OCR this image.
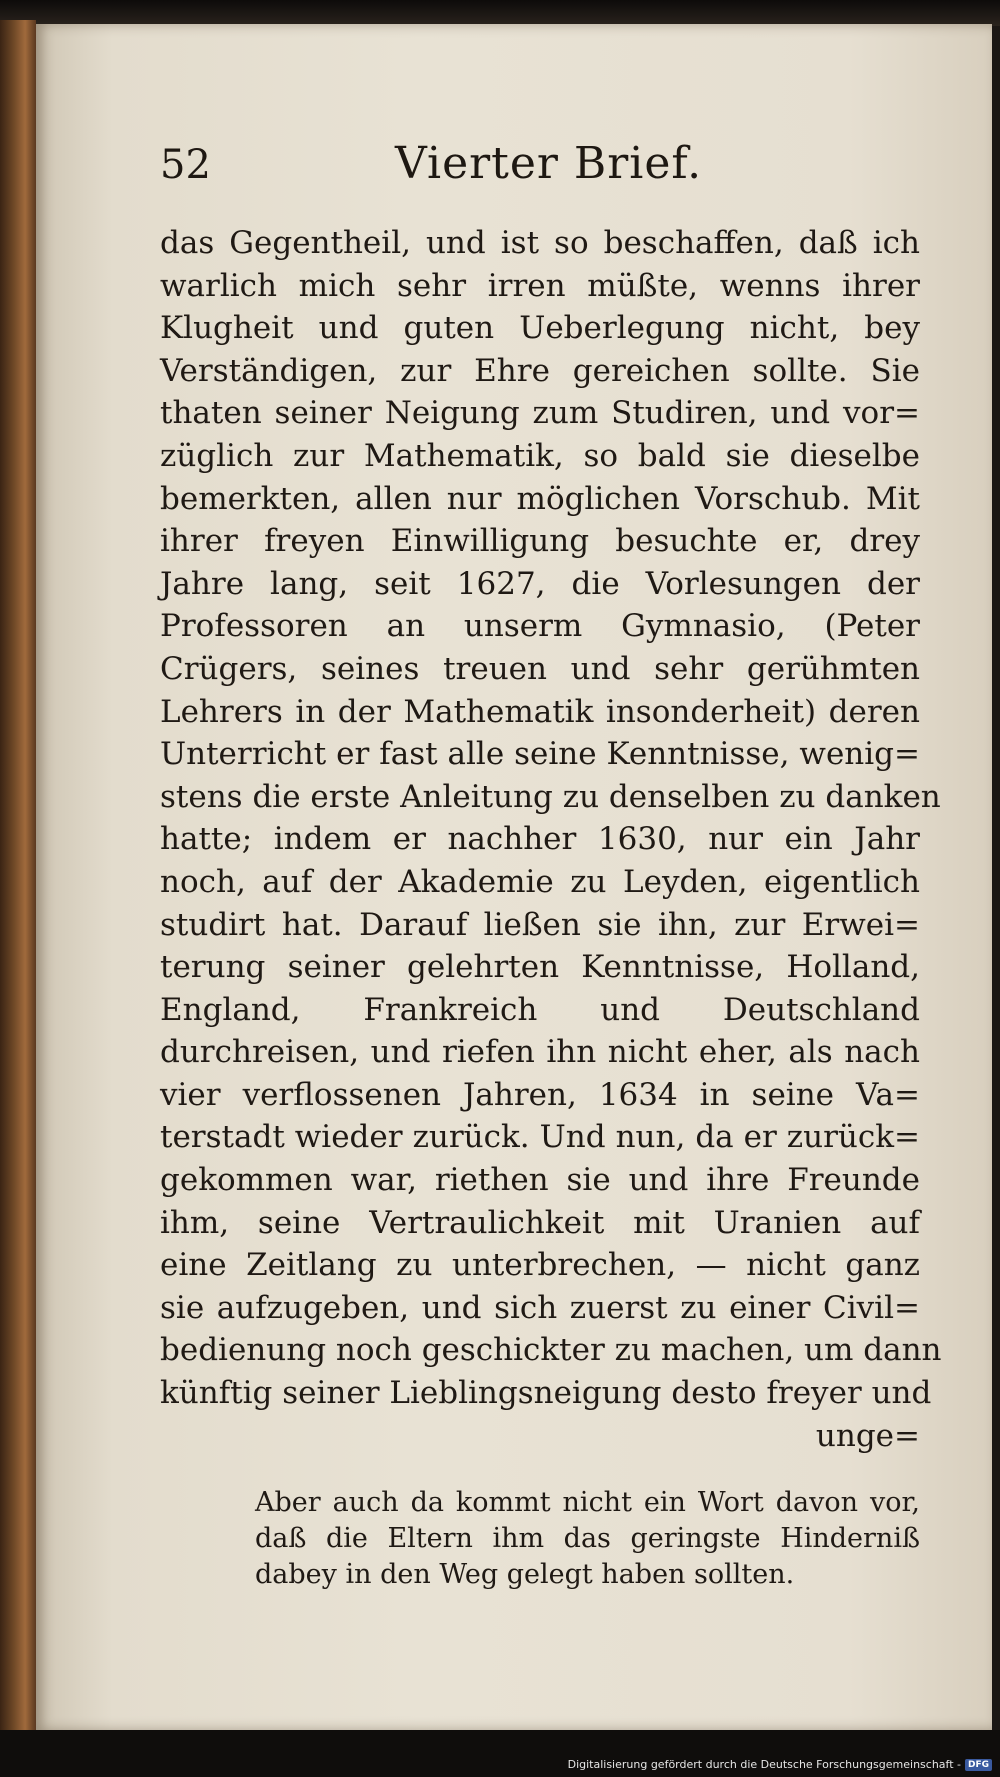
52	Vierter Brief.
das Gegentheil, und ist so beschaffen, daß ich
warlich mich sehr irren müßte, wenns ihrer
Klugheit und guten Ueberlegung nicht, bey
Verständigen, zur Ehre gereichen sollte. Sie
thaten seiner Neigung zum Studiren, und vor=
züglich zur Mathematik, so bald sie dieselbe
bemerkten, allen nur möglichen Vorschub. Mit
ihrer freyen Einwilligung besuchte er, drey
Jahre lang, seit 1627, die Vorlesungen der
Professoren an unserm Gymnasio, (Peter
Crügers, seines treuen und sehr gerühmten
Lehrers in der Mathematik insonderheit) deren
Unterricht er fast alle seine Kenntnisse, wenig=
stens die erste Anleitung zu denselben zu danken
hatte; indem er nachher 1630, nur ein Jahr
noch, auf der Akademie zu Leyden, eigentlich
studirt hat. Darauf ließen sie ihn, zur Erwei=
terung seiner gelehrten Kenntnisse, Holland,
England, Frankreich und Deutschland
durchreisen, und riefen ihn nicht eher, als nach
vier verflossenen Jahren, 1634 in seine Va=
terstadt wieder zurück. Und nun, da er zurück=
gekommen war, riethen sie und ihre Freunde
ihm, seine Vertraulichkeit mit Uranien auf
eine Zeitlang zu unterbrechen, — nicht ganz
sie aufzugeben, und sich zuerst zu einer Civil=
bedienung noch geschickter zu machen, um dann
künftig seiner Lieblingsneigung desto freyer und
unge=
Aber auch da kommt nicht ein Wort davon vor,
daß die Eltern ihm das geringste Hinderniß
dabey in den Weg gelegt haben sollten.
Digitalisierung gefördert durch die Deutsche Forschungsgemeinschaft - DFG
